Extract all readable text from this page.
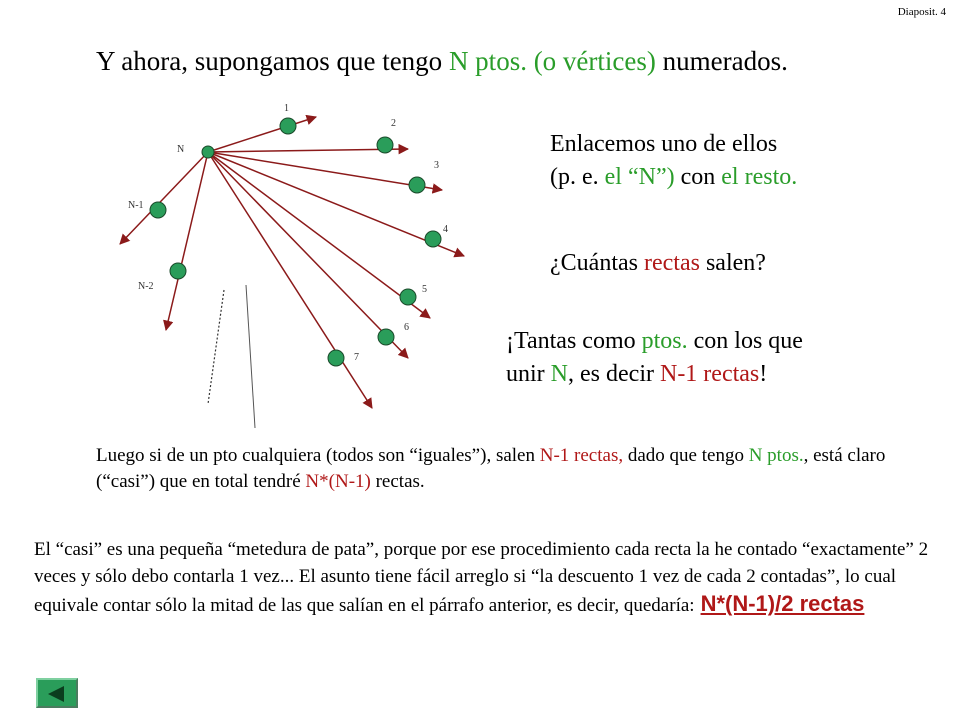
Diaposit. 4
Y ahora, supongamos que tengo N ptos. (o vértices) numerados.
1
2
3
4
5
6
7
N
N-1
N-2
Enlacemos uno de ellos
(p. e. el “N”) con el resto.
¿Cuántas rectas salen?
¡Tantas como ptos. con los que
unir N, es decir N-1 rectas!
Luego si de un pto cualquiera (todos son “iguales”), salen N-1 rectas, dado que tengo N ptos., está claro (“casi”) que en total tendré N*(N-1) rectas.
El “casi” es una pequeña “metedura de pata”, porque por ese procedimiento cada recta la he contado “exactamente” 2 veces y sólo debo contarla 1 vez... El asunto tiene fácil arreglo si “la descuento 1 vez de cada 2 contadas”, lo cual equivale contar sólo la mitad de las que salían en el párrafo anterior, es decir, quedaría: N*(N-1)/2 rectas
